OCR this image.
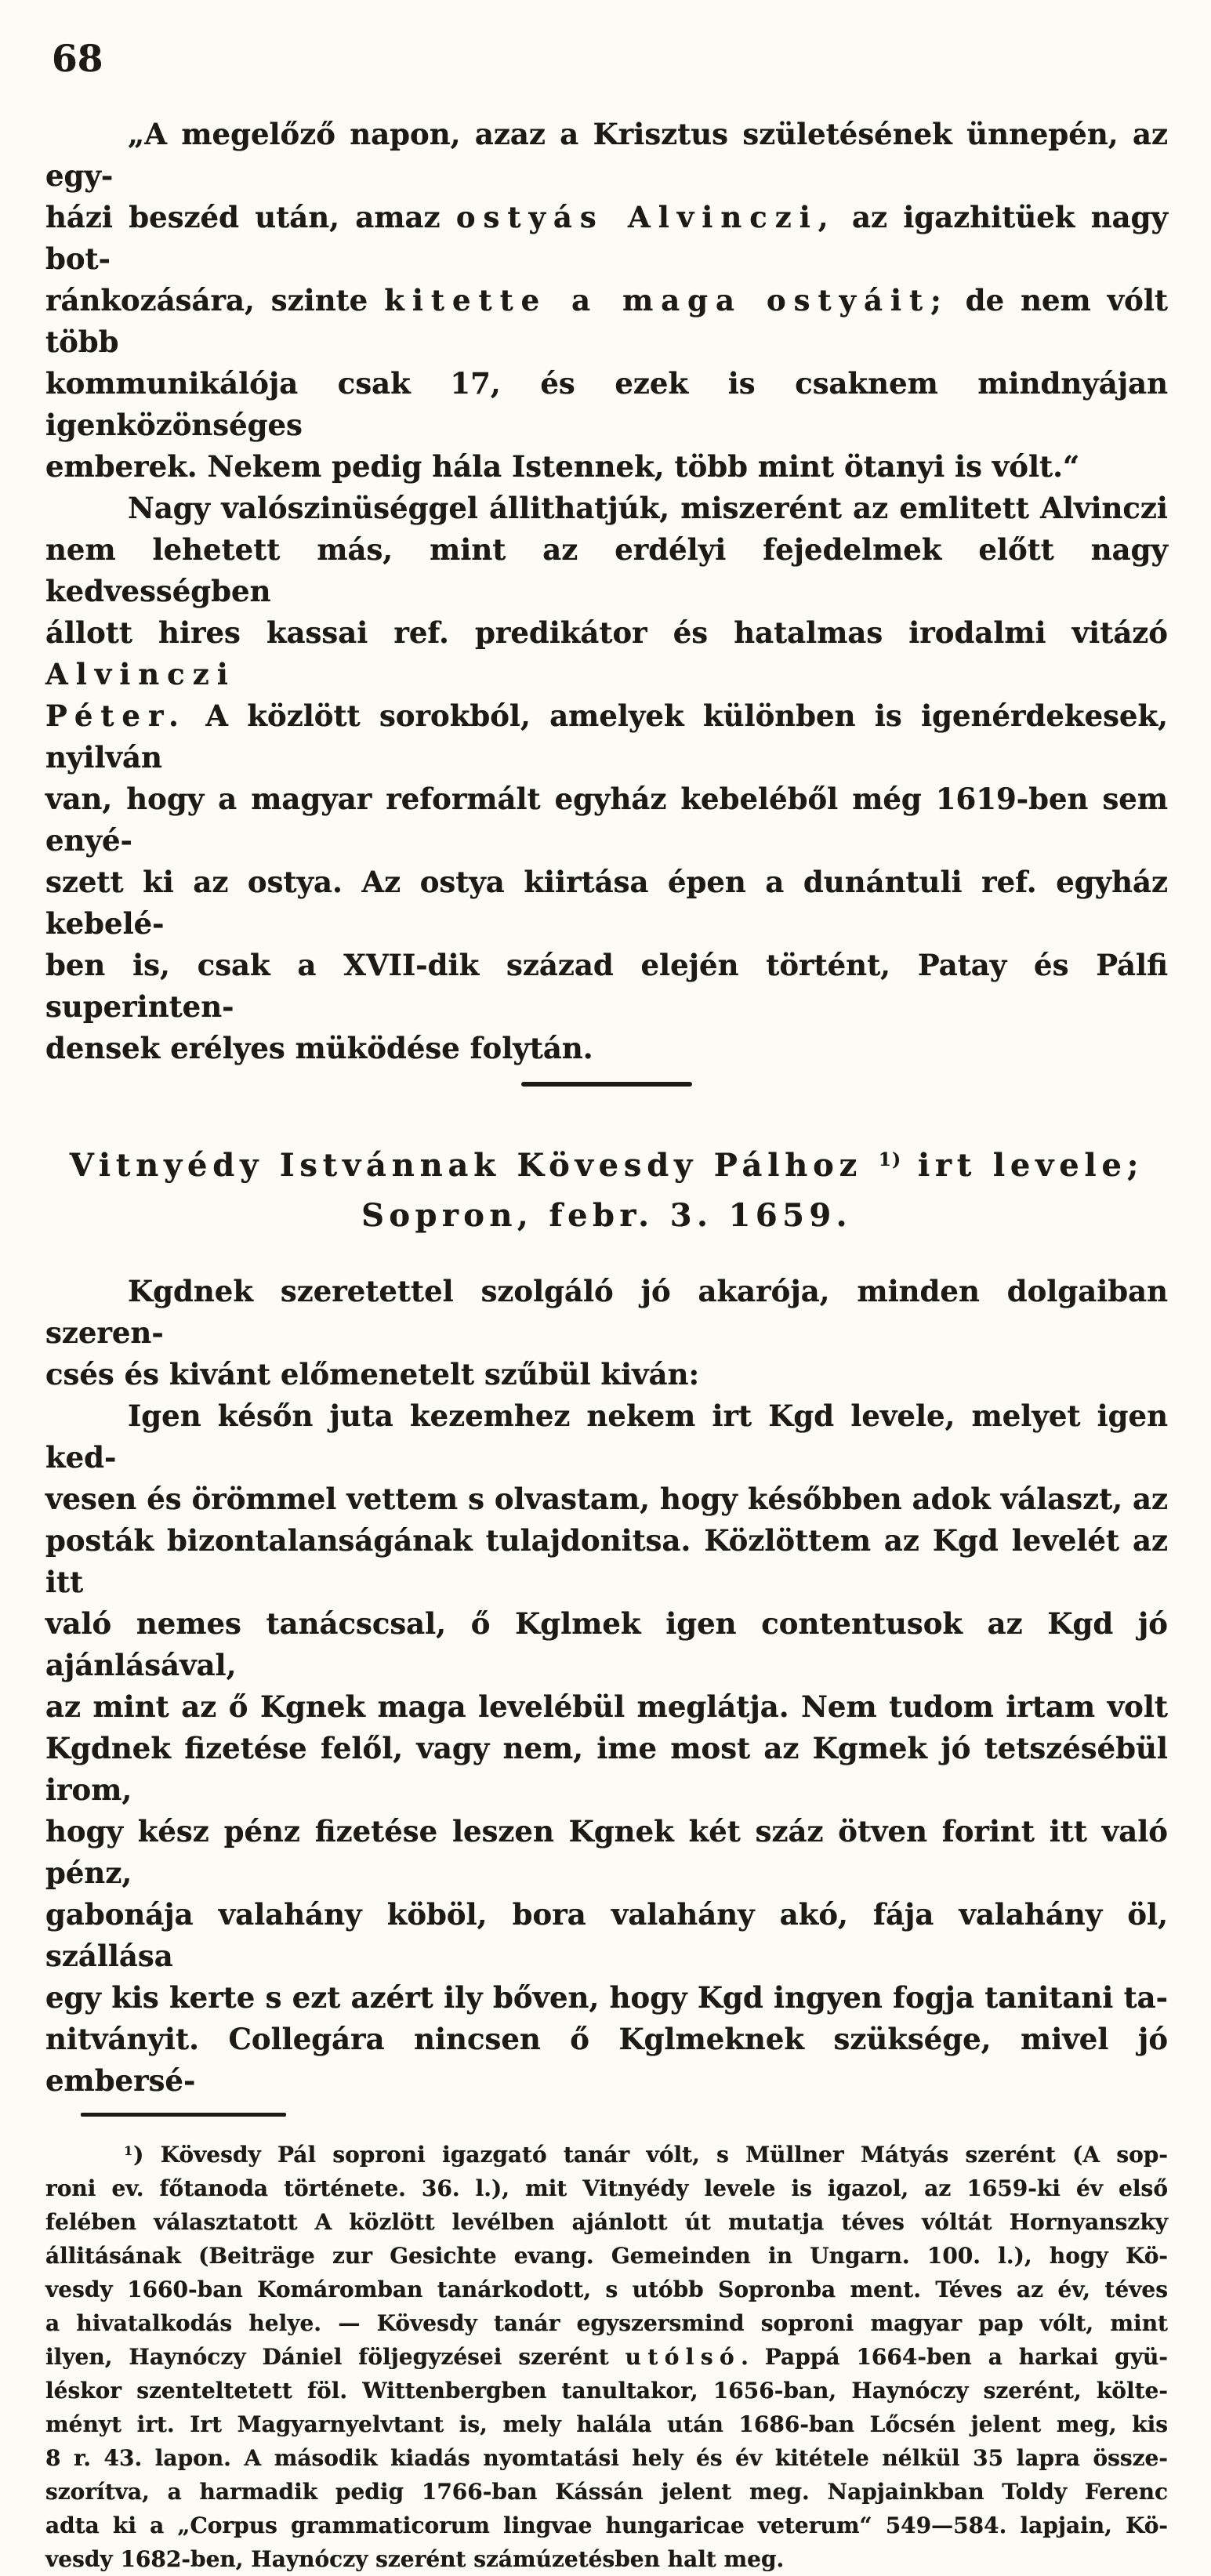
68
„A megelőző napon, azaz a Krisztus születésének ünnepén, az egy-
házi beszéd után, amaz ostyás Alvinczi, az igazhitüek nagy bot-
ránkozására, szinte kitette a maga ostyáit; de nem vólt több
kommunikálója csak 17, és ezek is csaknem mindnyájan igenközönséges
emberek. Nekem pedig hála Istennek, több mint ötanyi is vólt.“
Nagy valószinüséggel állithatjúk, miszerént az emlitett Alvinczi
nem lehetett más, mint az erdélyi fejedelmek előtt nagy kedvességben
állott hires kassai ref. predikátor és hatalmas irodalmi vitázó Alvinczi
Péter. A közlött sorokból, amelyek különben is igenérdekesek, nyilván
van, hogy a magyar reformált egyház kebeléből még 1619-ben sem enyé-
szett ki az ostya. Az ostya kiirtása épen a dunántuli ref. egyház kebelé-
ben is, csak a XVII-dik század elején történt, Patay és Pálfi superinten-
densek erélyes müködése folytán.
Vitnyédy Istvánnak Kövesdy Pálhoz $^{1)}$ irt levele;
Sopron, febr. 3. 1659.
Kgdnek szeretettel szolgáló jó akarója, minden dolgaiban szeren-
csés és kivánt előmenetelt szűbül kiván:
Igen későn juta kezemhez nekem irt Kgd levele, melyet igen ked-
vesen és örömmel vettem s olvastam, hogy későbben adok választ, az
posták bizontalanságának tulajdonitsa. Közlöttem az Kgd levelét az itt
való nemes tanácscsal, ő Kglmek igen contentusok az Kgd jó ajánlásával,
az mint az ő Kgnek maga levelébül meglátja. Nem tudom irtam volt
Kgdnek fizetése felől, vagy nem, ime most az Kgmek jó tetszésébül irom,
hogy kész pénz fizetése leszen Kgnek két száz ötven forint itt való pénz,
gabonája valahány köböl, bora valahány akó, fája valahány öl, szállása
egy kis kerte s ezt azért ily bőven, hogy Kgd ingyen fogja tanitani ta-
nitványit. Collegára nincsen ő Kglmeknek szüksége, mivel jó embersé-
$^1$) Kövesdy Pál soproni igazgató tanár vólt, s Müllner Mátyás szerént (A sop-
roni ev. főtanoda története. 36. l.), mit Vitnyédy levele is igazol, az 1659-ki év első
felében választatott A közlött levélben ajánlott út mutatja téves vóltát Hornyanszky
állitásának (Beiträge zur Gesichte evang. Gemeinden in Ungarn. 100. l.), hogy Kö-
vesdy 1660-ban Komáromban tanárkodott, s utóbb Sopronba ment. Téves az év, téves
a hivatalkodás helye. — Kövesdy tanár egyszersmind soproni magyar pap vólt, mint
ilyen, Haynóczy Dániel följegyzései szerént utólsó. Pappá 1664-ben a harkai gyü-
léskor szenteltetett föl. Wittenbergben tanultakor, 1656-ban, Haynóczy szerént, költe-
ményt irt. Irt Magyarnyelvtant is, mely halála után 1686-ban Lőcsén jelent meg, kis
8 r. 43. lapon. A második kiadás nyomtatási hely és év kitétele nélkül 35 lapra össze-
szorítva, a harmadik pedig 1766-ban Kássán jelent meg. Napjainkban Toldy Ferenc
adta ki a „Corpus grammaticorum lingvae hungaricae veterum“ 549—584. lapjain, Kö-
vesdy 1682-ben, Haynóczy szerént számúzetésben halt meg.
